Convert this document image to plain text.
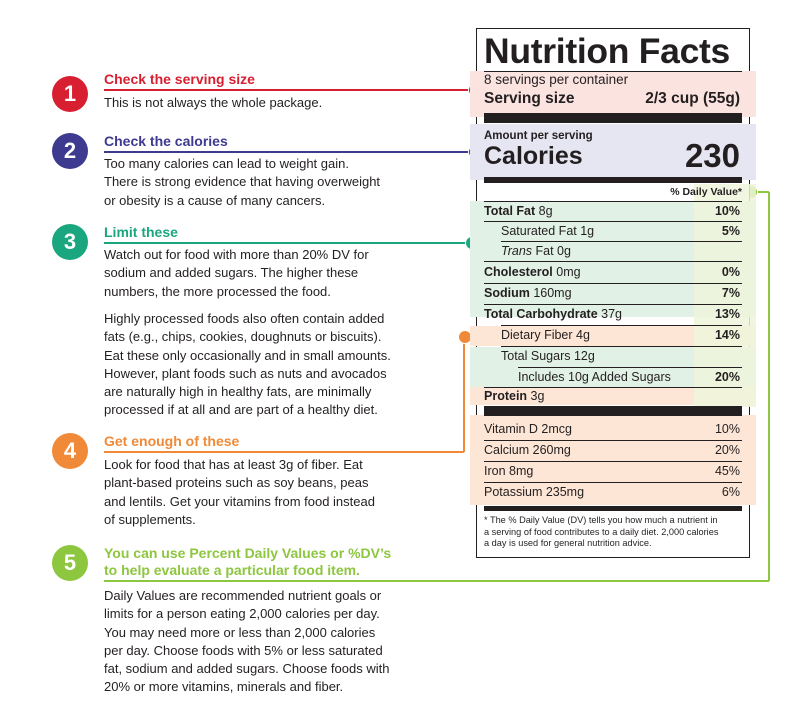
1
Check the serving size
This is not always the whole package.
2	Check the calories
Too many calories can lead to weight gain.
There is strong evidence that having overweight
or obesity is a cause of many cancers.
3	Limit these
Watch out for food with more than 20% DV for
sodium and added sugars. The higher these
numbers, the more processed the food.
Highly processed foods also often contain added
fats (e.g., chips, cookies, doughnuts or biscuits).
Eat these only occasionally and in small amounts.
However, plant foods such as nuts and avocados
are naturally high in healthy fats, are minimally
processed if at all and are part of a healthy diet.
4	Get enough of these
Look for food that has at least 3g of fiber. Eat
plant-based proteins such as soy beans, peas
and lentils. Get your vitamins from food instead
of supplements.
5	You can use Percent Daily Values or %DV’s
to help evaluate a particular food item.
Daily Values are recommended nutrient goals or
limits for a person eating 2,000 calories per day.
You may need more or less than 2,000 calories
per day. Choose foods with 5% or less saturated
fat, sodium and added sugars. Choose foods with
20% or more vitamins, minerals and fiber.
Nutrition Facts
8 servings per container
Serving size	2/3 cup (55g)
Amount per serving
Calories	230
% Daily Value*
Total Fat 8g	10%
Saturated Fat 1g	5%
Trans Fat 0g
Cholesterol 0mg	0%
Sodium 160mg	7%
Total Carbohydrate 37g	13%
Dietary Fiber 4g	14%
Total Sugars 12g
Includes 10g Added Sugars	20%
Protein 3g
Vitamin D 2mcg	10%
Calcium 260mg	20%
Iron 8mg	45%
Potassium 235mg	6%
* The % Daily Value (DV) tells you how much a nutrient in
a serving of food contributes to a daily diet. 2,000 calories
a day is used for general nutrition advice.
